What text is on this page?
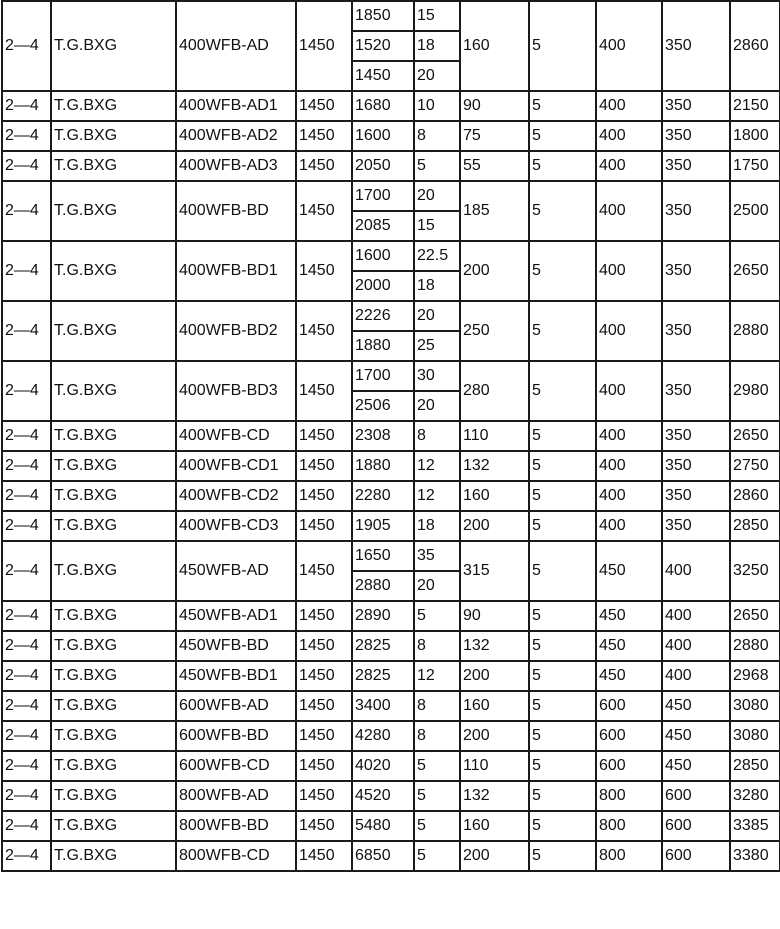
2—4	T.G.BXG	400WFB-AD	1450	1850	15	160	5	400	350	2860
				1520	18					
				1450	20					
2—4	T.G.BXG	400WFB-AD1	1450	1680	10	90	5	400	350	2150
2—4	T.G.BXG	400WFB-AD2	1450	1600	8	75	5	400	350	1800
2—4	T.G.BXG	400WFB-AD3	1450	2050	5	55	5	400	350	1750
2—4	T.G.BXG	400WFB-BD	1450	1700	20	185	5	400	350	2500
				2085	15					
2—4	T.G.BXG	400WFB-BD1	1450	1600	22.5	200	5	400	350	2650
				2000	18					
2—4	T.G.BXG	400WFB-BD2	1450	2226	20	250	5	400	350	2880
				1880	25					
2—4	T.G.BXG	400WFB-BD3	1450	1700	30	280	5	400	350	2980
				2506	20					
2—4	T.G.BXG	400WFB-CD	1450	2308	8	110	5	400	350	2650
2—4	T.G.BXG	400WFB-CD1	1450	1880	12	132	5	400	350	2750
2—4	T.G.BXG	400WFB-CD2	1450	2280	12	160	5	400	350	2860
2—4	T.G.BXG	400WFB-CD3	1450	1905	18	200	5	400	350	2850
2—4	T.G.BXG	450WFB-AD	1450	1650	35	315	5	450	400	3250
				2880	20					
2—4	T.G.BXG	450WFB-AD1	1450	2890	5	90	5	450	400	2650
2—4	T.G.BXG	450WFB-BD	1450	2825	8	132	5	450	400	2880
2—4	T.G.BXG	450WFB-BD1	1450	2825	12	200	5	450	400	2968
2—4	T.G.BXG	600WFB-AD	1450	3400	8	160	5	600	450	3080
2—4	T.G.BXG	600WFB-BD	1450	4280	8	200	5	600	450	3080
2—4	T.G.BXG	600WFB-CD	1450	4020	5	110	5	600	450	2850
2—4	T.G.BXG	800WFB-AD	1450	4520	5	132	5	800	600	3280
2—4	T.G.BXG	800WFB-BD	1450	5480	5	160	5	800	600	3385
2—4	T.G.BXG	800WFB-CD	1450	6850	5	200	5	800	600	3380
